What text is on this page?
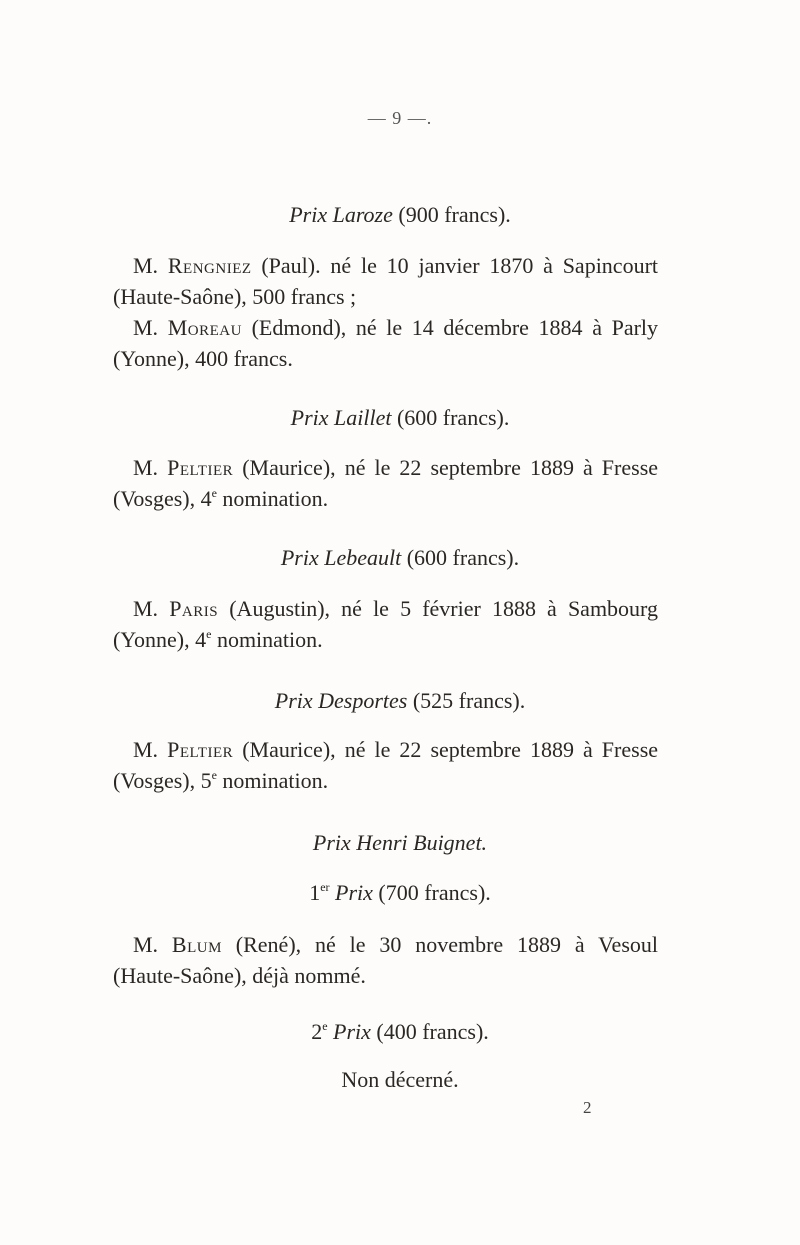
— 9 —.
Prix Laroze (900 francs).
M. Rengniez (Paul). né le 10 janvier 1870 à Sapincourt
(Haute-Saône), 500 francs ;
M. Moreau (Edmond), né le 14 décembre 1884 à Parly
(Yonne), 400 francs.
Prix Laillet (600 francs).
M. Peltier (Maurice), né le 22 septembre 1889 à Fresse
(Vosges), 4e nomination.
Prix Lebeault (600 francs).
M. Paris (Augustin), né le 5 février 1888 à Sambourg
(Yonne), 4e nomination.
Prix Desportes (525 francs).
M. Peltier (Maurice), né le 22 septembre 1889 à Fresse
(Vosges), 5e nomination.
Prix Henri Buignet.
1er Prix (700 francs).
M. Blum (René), né le 30 novembre 1889 à Vesoul
(Haute-Saône), déjà nommé.
2e Prix (400 francs).
Non décerné.
2
